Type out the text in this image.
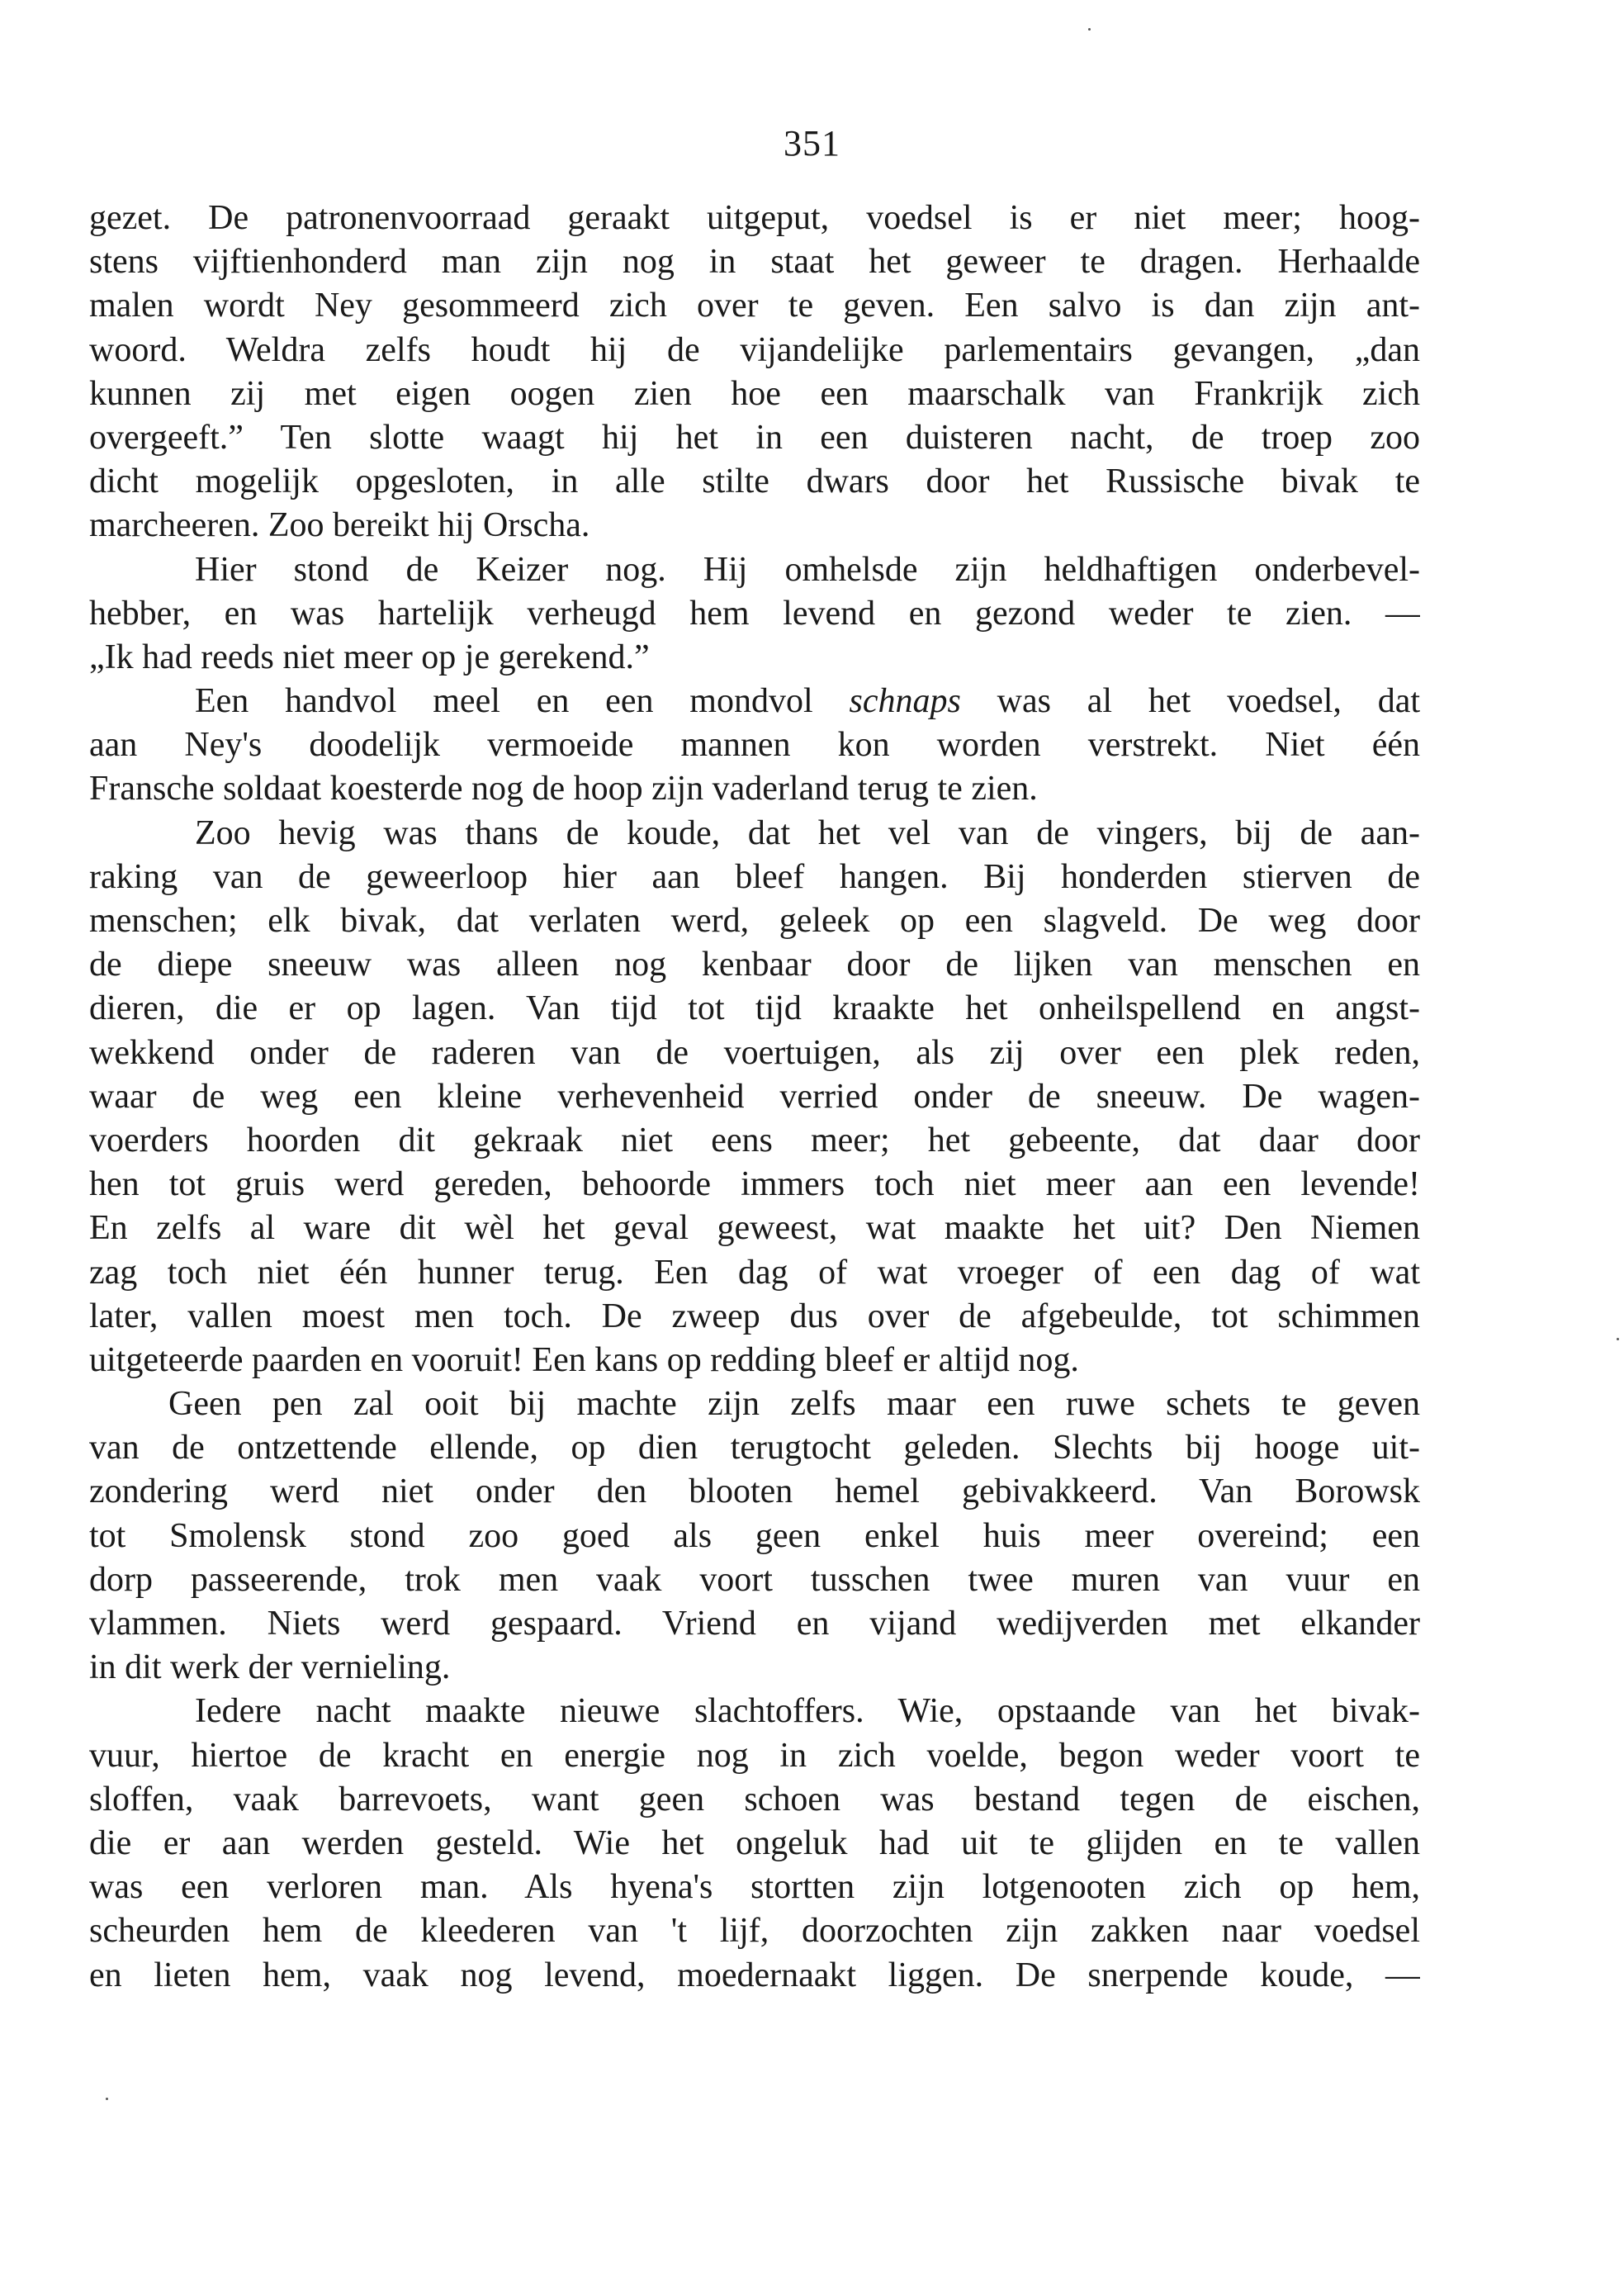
351
gezet. De patronenvoorraad geraakt uitgeput, voedsel is er niet meer; hoog-
stens vijftienhonderd man zijn nog in staat het geweer te dragen. Herhaalde
malen wordt Ney gesommeerd zich over te geven. Een salvo is dan zijn ant-
woord. Weldra zelfs houdt hij de vijandelijke parlementairs gevangen, „dan
kunnen zij met eigen oogen zien hoe een maarschalk van Frankrijk zich
overgeeft.” Ten slotte waagt hij het in een duisteren nacht, de troep zoo
dicht mogelijk opgesloten, in alle stilte dwars door het Russische bivak te
marcheeren. Zoo bereikt hij Orscha.
Hier stond de Keizer nog. Hij omhelsde zijn heldhaftigen onderbevel-
hebber, en was hartelijk verheugd hem levend en gezond weder te zien. —
„Ik had reeds niet meer op je gerekend.”
Een handvol meel en een mondvol schnaps was al het voedsel, dat
aan Ney's doodelijk vermoeide mannen kon worden verstrekt. Niet één
Fransche soldaat koesterde nog de hoop zijn vaderland terug te zien.
Zoo hevig was thans de koude, dat het vel van de vingers, bij de aan-
raking van de geweerloop hier aan bleef hangen. Bij honderden stierven de
menschen; elk bivak, dat verlaten werd, geleek op een slagveld. De weg door
de diepe sneeuw was alleen nog kenbaar door de lijken van menschen en
dieren, die er op lagen. Van tijd tot tijd kraakte het onheilspellend en angst-
wekkend onder de raderen van de voertuigen, als zij over een plek reden,
waar de weg een kleine verhevenheid verried onder de sneeuw. De wagen-
voerders hoorden dit gekraak niet eens meer; het gebeente, dat daar door
hen tot gruis werd gereden, behoorde immers toch niet meer aan een levende!
En zelfs al ware dit wèl het geval geweest, wat maakte het uit? Den Niemen
zag toch niet één hunner terug. Een dag of wat vroeger of een dag of wat
later, vallen moest men toch. De zweep dus over de afgebeulde, tot schimmen
uitgeteerde paarden en vooruit! Een kans op redding bleef er altijd nog.
Geen pen zal ooit bij machte zijn zelfs maar een ruwe schets te geven
van de ontzettende ellende, op dien terugtocht geleden. Slechts bij hooge uit-
zondering werd niet onder den blooten hemel gebivakkeerd. Van Borowsk
tot Smolensk stond zoo goed als geen enkel huis meer overeind; een
dorp passeerende, trok men vaak voort tusschen twee muren van vuur en
vlammen. Niets werd gespaard. Vriend en vijand wedijverden met elkander
in dit werk der vernieling.
Iedere nacht maakte nieuwe slachtoffers. Wie, opstaande van het bivak-
vuur, hiertoe de kracht en energie nog in zich voelde, begon weder voort te
sloffen, vaak barrevoets, want geen schoen was bestand tegen de eischen,
die er aan werden gesteld. Wie het ongeluk had uit te glijden en te vallen
was een verloren man. Als hyena's stortten zijn lotgenooten zich op hem,
scheurden hem de kleederen van 't lijf, doorzochten zijn zakken naar voedsel
en lieten hem, vaak nog levend, moedernaakt liggen. De snerpende koude, —
